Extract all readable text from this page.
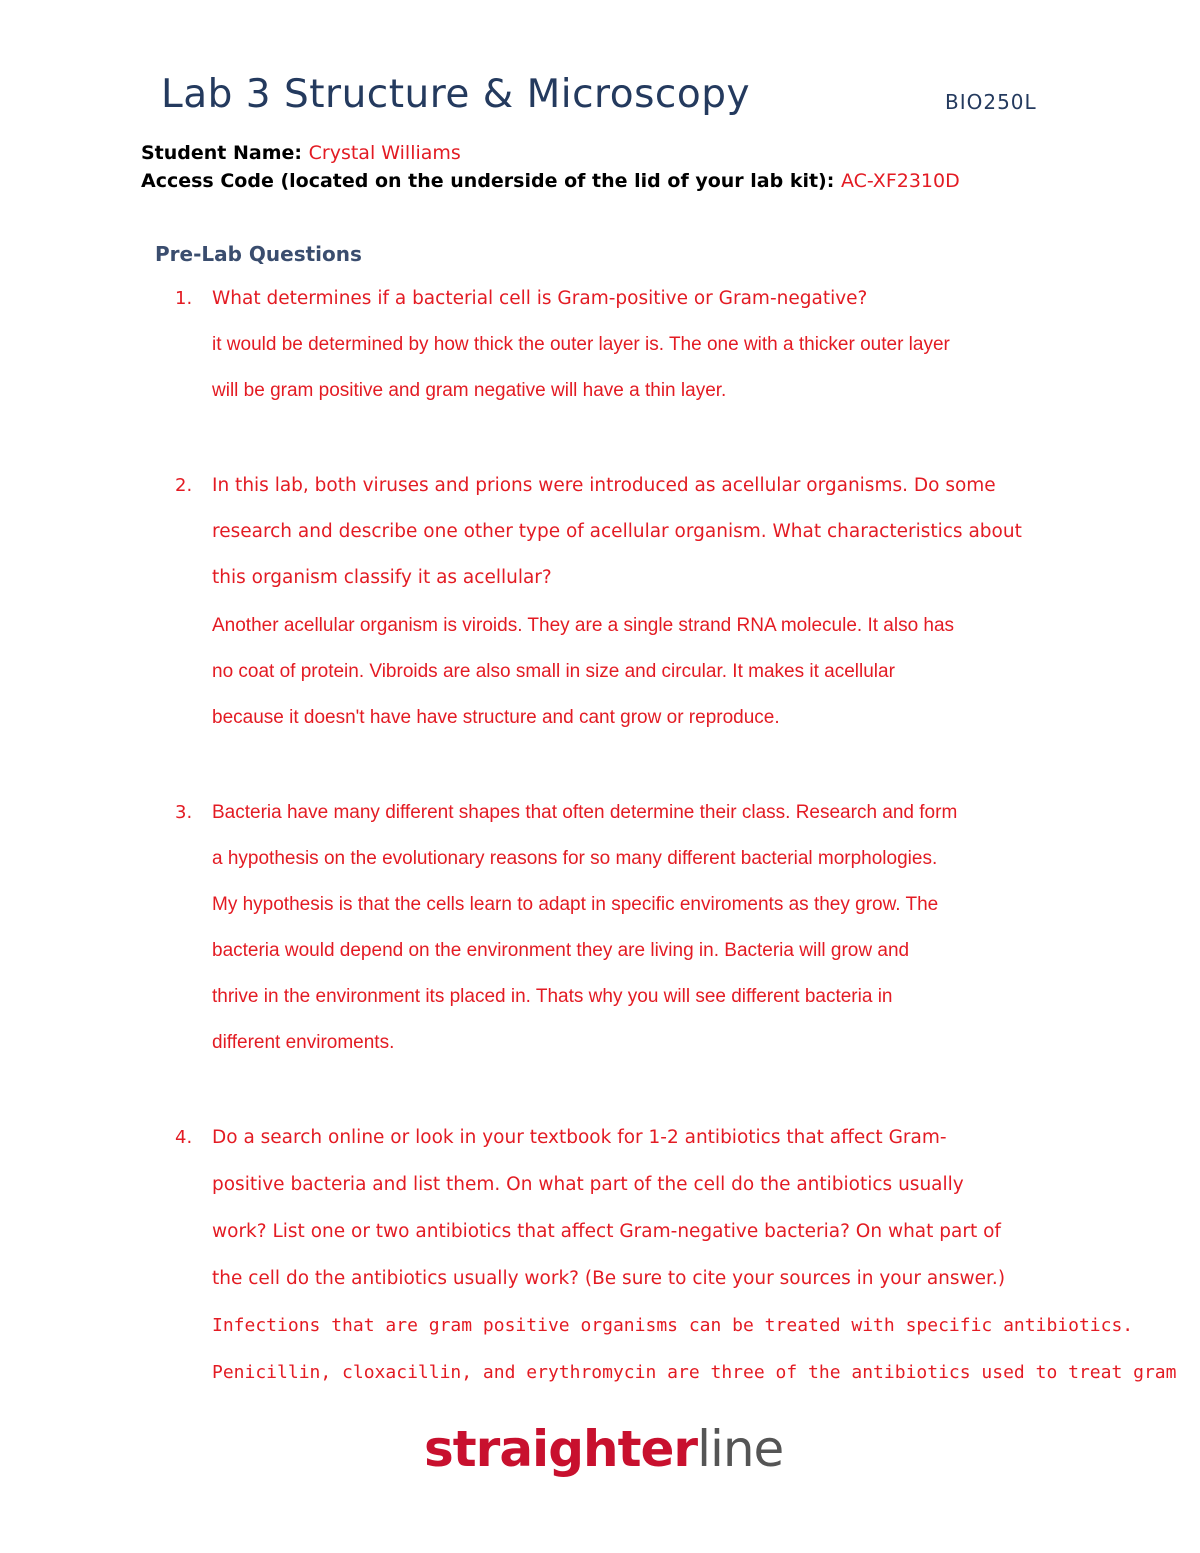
Lab 3 Structure & Microscopy	BIO250L
Student Name: Crystal Williams
Access Code (located on the underside of the lid of your lab kit): AC-XF2310D
Pre-Lab Questions
1. What determines if a bacterial cell is Gram-positive or Gram-negative?
it would be determined by how thick the outer layer is. The one with a thicker outer layer
will be gram positive and gram negative will have a thin layer.
2. In this lab, both viruses and prions were introduced as acellular organisms. Do some
research and describe one other type of acellular organism. What characteristics about
this organism classify it as acellular?
Another acellular organism is viroids. They are a single strand RNA molecule. It also has
no coat of protein. Vibroids are also small in size and circular. It makes it acellular
because it doesn't have have structure and cant grow or reproduce.
3. Bacteria have many different shapes that often determine their class. Research and form
a hypothesis on the evolutionary reasons for so many different bacterial morphologies.
My hypothesis is that the cells learn to adapt in specific enviroments as they grow. The
bacteria would depend on the environment they are living in. Bacteria will grow and
thrive in the environment its placed in. Thats why you will see different bacteria in
different enviroments.
4. Do a search online or look in your textbook for 1-2 antibiotics that affect Gram-
positive bacteria and list them. On what part of the cell do the antibiotics usually
work? List one or two antibiotics that affect Gram-negative bacteria? On what part of
the cell do the antibiotics usually work? (Be sure to cite your sources in your answer.)
Infections that are gram positive organisms can be treated with specific antibiotics.
Penicillin, cloxacillin, and erythromycin are three of the antibiotics used to treat gram
straighterline
